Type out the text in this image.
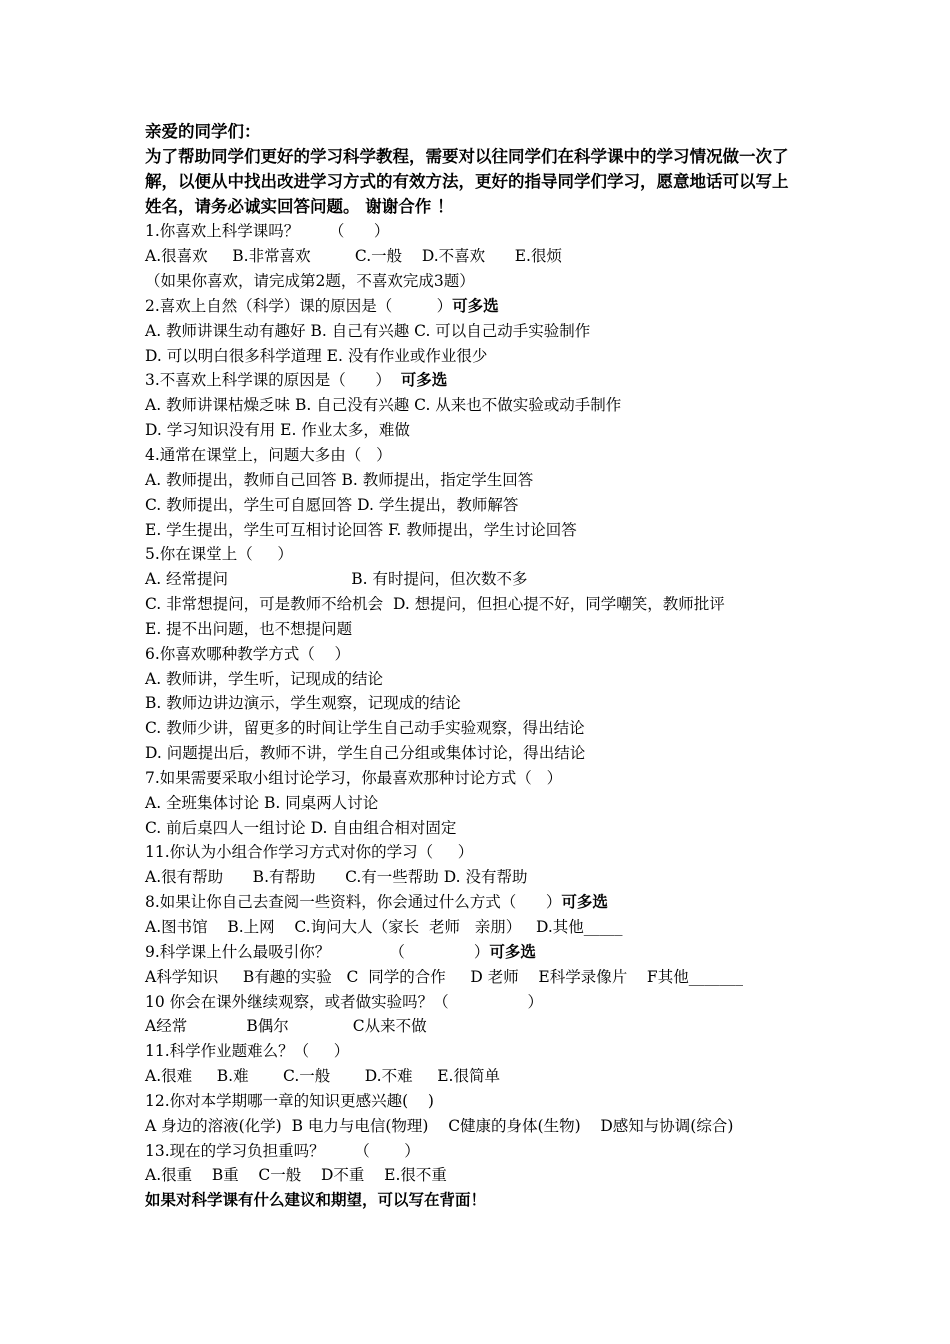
亲爱的同学们：
为了帮助同学们更好的学习科学教程，需要对以往同学们在科学课中的学习情况做一次了
解，以便从中找出改进学习方式的有效方法，更好的指导同学们学习，愿意地话可以写上
姓名，请务必诚实回答问题。 谢谢合作 ！
1.你喜欢上科学课吗？      （      ）
A.很喜欢     B.非常喜欢         C.一般    D.不喜欢      E.很烦
（如果你喜欢，请完成第2题，不喜欢完成3题）
2.喜欢上自然（科学）课的原因是（         ）可多选
A. 教师讲课生动有趣好 B. 自己有兴趣 C. 可以自己动手实验制作
D. 可以明白很多科学道理 E. 没有作业或作业很少
3.不喜欢上科学课的原因是（      ）  可多选
A. 教师讲课枯燥乏味 B. 自己没有兴趣 C. 从来也不做实验或动手制作
D. 学习知识没有用 E. 作业太多，难做
4.通常在课堂上，问题大多由（   ）
A. 教师提出，教师自己回答 B. 教师提出，指定学生回答
C. 教师提出，学生可自愿回答 D. 学生提出，教师解答
E. 学生提出，学生可互相讨论回答 F. 教师提出，学生讨论回答
5.你在课堂上（     ）
A. 经常提问                         B. 有时提问，但次数不多
C. 非常想提问，可是教师不给机会  D. 想提问，但担心提不好，同学嘲笑，教师批评
E. 提不出问题，也不想提问题
6.你喜欢哪种教学方式（    ）
A. 教师讲，学生听，记现成的结论
B. 教师边讲边演示，学生观察，记现成的结论
C. 教师少讲，留更多的时间让学生自己动手实验观察，得出结论
D. 问题提出后，教师不讲，学生自己分组或集体讨论，得出结论
7.如果需要采取小组讨论学习，你最喜欢那种讨论方式（   ）
A. 全班集体讨论 B. 同桌两人讨论
C. 前后桌四人一组讨论 D. 自由组合相对固定
11.你认为小组合作学习方式对你的学习（     ）
A.很有帮助      B.有帮助      C.有一些帮助 D. 没有帮助
8.如果让你自己去查阅一些资料，你会通过什么方式（      ）可多选
A.图书馆    B.上网    C.询问大人（家长  老师   亲朋）   D.其他_____
9.科学课上什么最吸引你？            （              ）可多选
A科学知识     B有趣的实验   C  同学的合作     D 老师    E科学录像片    F其他_______
10 你会在课外继续观察，或者做实验吗？（                ）
A经常            B偶尔             C从来不做
11.科学作业题难么？（     ）
A.很难     B.难       C.一般       D.不难     E.很简单
12.你对本学期哪一章的知识更感兴趣(    )
A 身边的溶液(化学)  B 电力与电信(物理)    C健康的身体(生物)    D感知与协调(综合)
13.现在的学习负担重吗？      （       ）
A.很重    B重    C一般    D不重    E.很不重
如果对科学课有什么建议和期望，可以写在背面！
